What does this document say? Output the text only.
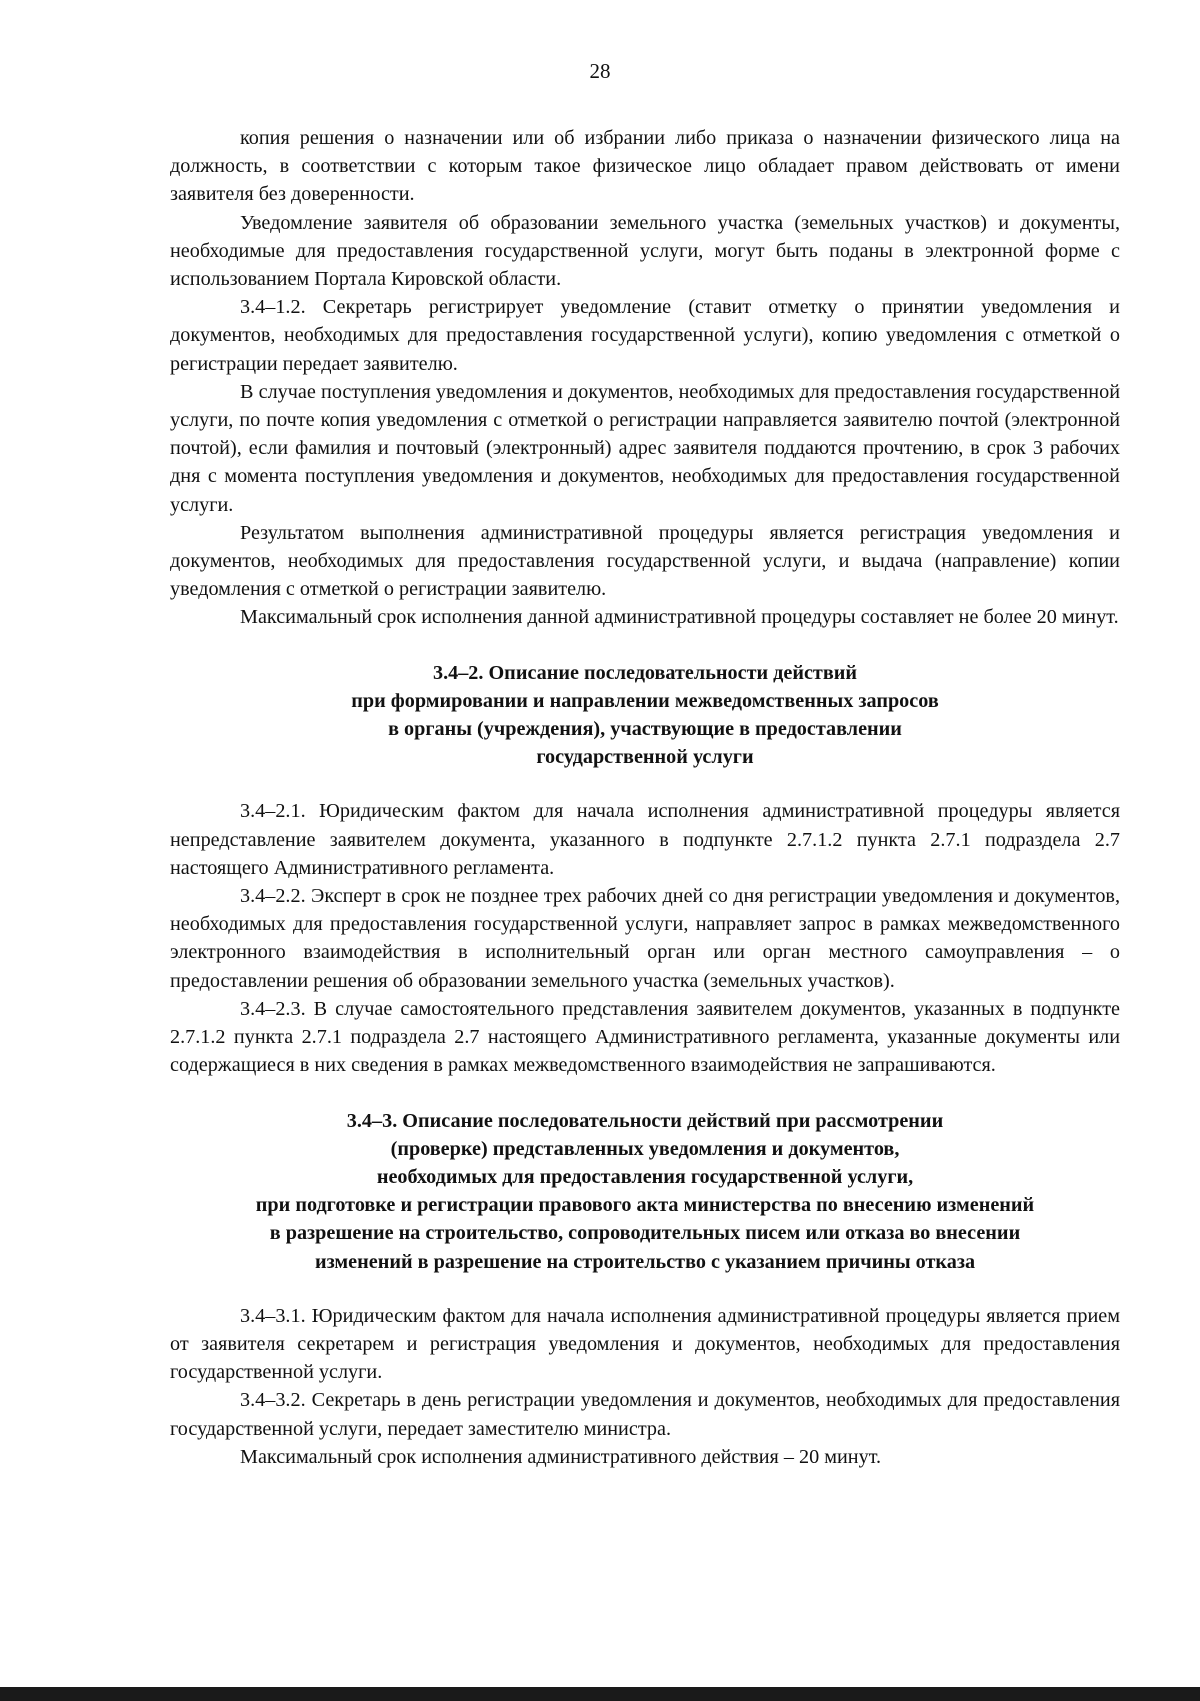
28

копия решения о назначении или об избрании либо приказа о назначении физического лица на должность, в соответствии с которым такое физическое лицо обладает правом действовать от имени заявителя без доверенности.

Уведомление заявителя об образовании земельного участка (земельных участков) и документы, необходимые для предоставления государственной услуги, могут быть поданы в электронной форме с использованием Портала Кировской области.

3.4–1.2. Секретарь регистрирует уведомление (ставит отметку о принятии уведомления и документов, необходимых для предоставления государственной услуги), копию уведомления с отметкой о регистрации передает заявителю.

В случае поступления уведомления и документов, необходимых для предоставления государственной услуги, по почте копия уведомления с отметкой о регистрации направляется заявителю почтой (электронной почтой), если фамилия и почтовый (электронный) адрес заявителя поддаются прочтению, в срок 3 рабочих дня с момента поступления уведомления и документов, необходимых для предоставления государственной услуги.

Результатом выполнения административной процедуры является регистрация уведомления и документов, необходимых для предоставления государственной услуги, и выдача (направление) копии уведомления с отметкой о регистрации заявителю.

Максимальный срок исполнения данной административной процедуры составляет не более 20 минут.

3.4–2. Описание последовательности действий
при формировании и направлении межведомственных запросов
в органы (учреждения), участвующие в предоставлении
государственной услуги

3.4–2.1. Юридическим фактом для начала исполнения административной процедуры является непредставление заявителем документа, указанного в подпункте 2.7.1.2 пункта 2.7.1 подраздела 2.7 настоящего Административного регламента.

3.4–2.2. Эксперт в срок не позднее трех рабочих дней со дня регистрации уведомления и документов, необходимых для предоставления государственной услуги, направляет запрос в рамках межведомственного электронного взаимодействия в исполнительный орган или орган местного самоуправления – о предоставлении решения об образовании земельного участка (земельных участков).

3.4–2.3. В случае самостоятельного представления заявителем документов, указанных в подпункте 2.7.1.2 пункта 2.7.1 подраздела 2.7 настоящего Административного регламента, указанные документы или содержащиеся в них сведения в рамках межведомственного взаимодействия не запрашиваются.

3.4–3. Описание последовательности действий при рассмотрении
(проверке) представленных уведомления и документов,
необходимых для предоставления государственной услуги,
при подготовке и регистрации правового акта министерства по внесению изменений
в разрешение на строительство, сопроводительных писем или отказа во внесении
изменений в разрешение на строительство с указанием причины отказа

3.4–3.1. Юридическим фактом для начала исполнения административной процедуры является прием от заявителя секретарем и регистрация уведомления и документов, необходимых для предоставления государственной услуги.

3.4–3.2. Секретарь в день регистрации уведомления и документов, необходимых для предоставления государственной услуги, передает заместителю министра.

Максимальный срок исполнения административного действия – 20 минут.
